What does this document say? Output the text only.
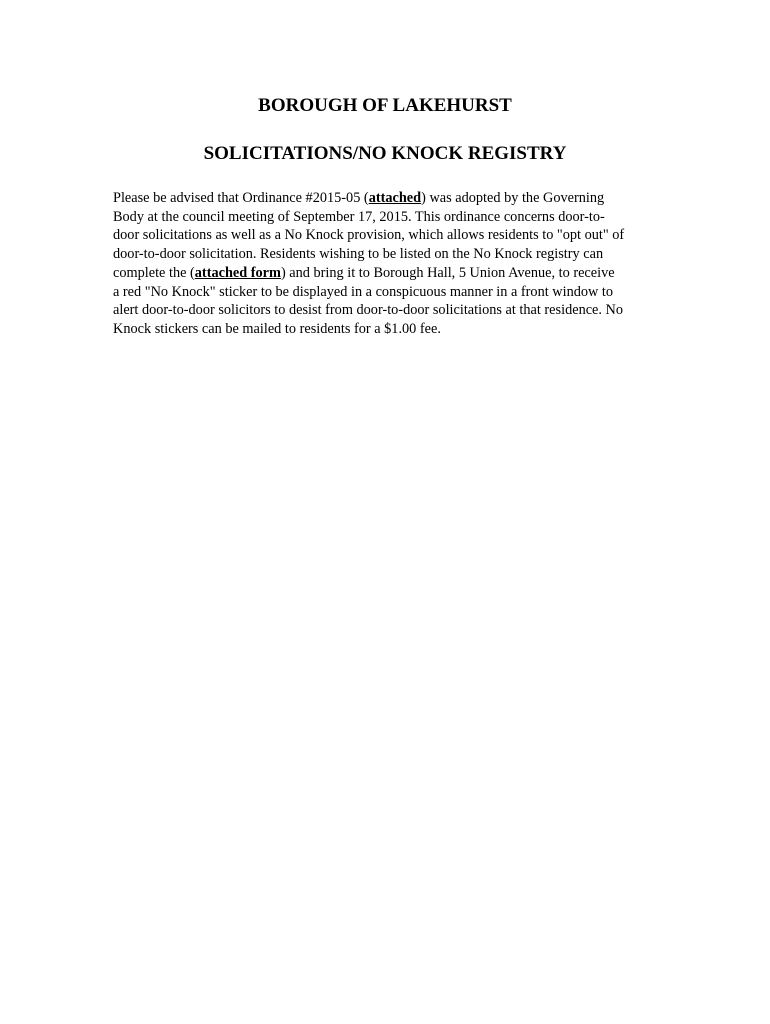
BOROUGH OF LAKEHURST
SOLICITATIONS/NO KNOCK REGISTRY

Please be advised that Ordinance #2015-05 (attached) was adopted by the Governing
Body at the council meeting of September 17, 2015. This ordinance concerns door-to-
door solicitations as well as a No Knock provision, which allows residents to "opt out" of
door-to-door solicitation. Residents wishing to be listed on the No Knock registry can
complete the (attached form) and bring it to Borough Hall, 5 Union Avenue, to receive
a red "No Knock" sticker to be displayed in a conspicuous manner in a front window to
alert door-to-door solicitors to desist from door-to-door solicitations at that residence. No
Knock stickers can be mailed to residents for a $1.00 fee.
